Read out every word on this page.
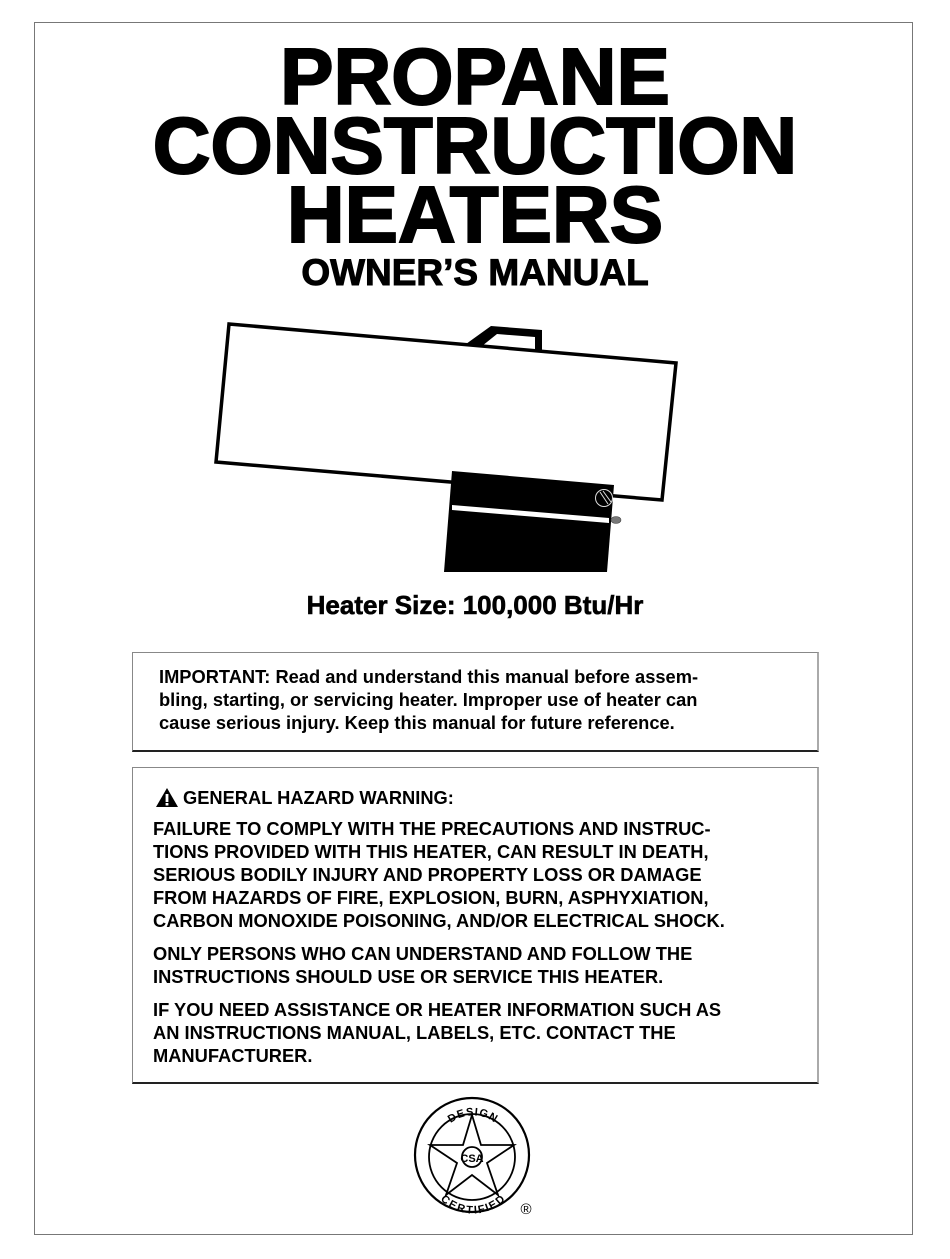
PROPANE
CONSTRUCTION
HEATERS
OWNER’S MANUAL
Heater Size: 100,000 Btu/Hr
IMPORTANT: Read and understand this manual before assem-
bling, starting, or servicing heater. Improper use of heater can
cause serious injury. Keep this manual for future reference.
GENERAL HAZARD WARNING:
FAILURE TO COMPLY WITH THE PRECAUTIONS AND INSTRUC-
TIONS PROVIDED WITH THIS HEATER, CAN RESULT IN DEATH,
SERIOUS BODILY INJURY AND PROPERTY LOSS OR DAMAGE
FROM HAZARDS OF FIRE, EXPLOSION, BURN, ASPHYXIATION,
CARBON MONOXIDE POISONING, AND/OR ELECTRICAL SHOCK.
ONLY PERSONS WHO CAN UNDERSTAND AND FOLLOW THE
INSTRUCTIONS SHOULD USE OR SERVICE THIS HEATER.
IF YOU NEED ASSISTANCE OR HEATER INFORMATION SUCH AS
AN INSTRUCTIONS MANUAL, LABELS, ETC. CONTACT THE
MANUFACTURER.
CSA
DESIGN
CERTIFIED
®
